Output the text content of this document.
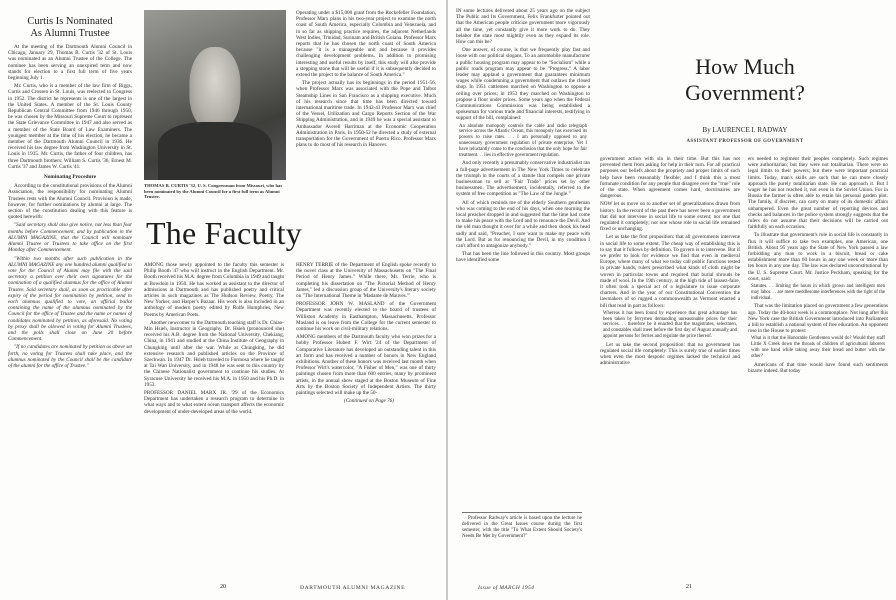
Curtis Is Nominated
As Alumni Trustee

At the meeting of the Dartmouth Alumni Council in Chicago, January 29, Thomas B. Curtis '32 of St. Louis was nominated as an Alumni Trustee of the College. The nominee has been serving an unexpired term and now stands for election to a first full term of five years beginning July 1.

Mr. Curtis, who is a member of the law firm of Biggs, Curtis and Crossen in St. Louis, was reelected to Congress in 1952. The district he represents is one of the largest in the United States. A member of the St. Louis County Republican Central Committee from 1946 through 1950, he was chosen by the Missouri Supreme Court to represent the State Grievance Committee in 1947 and also served as a member of the State Board of Law Examiners. The youngest member at the time of his election, he became a member of the Dartmouth Alumni Council in 1936. He received his law degree from Washington University in St. Louis in 1935. Mr. Curtis, the father of four children, has three Dartmouth brothers: William S. Curtis '36, Ernest M. Curtis '37 and James W. Curtis '41.

Nominating Procedure

According to the constitutional provisions of the Alumni Association, the responsibility for nominating Alumni Trustees rests with the Alumni Council. Provision is made, however, for further nominations by alumni at large. The section of the constitution dealing with this feature is quoted herewith:

"Said secretary shall also give notice, not less than four months before Commencement, and by publication in the ALUMNI MAGAZINE, that the Council will nominate Alumni Trustee or Trustees to take office on the first Monday after Commencement.

"Within two months after such publication in the ALUMNI MAGAZINE any one hundred alumni qualified to vote for the Council of Alumni may file with the said secretary a petition over their own signatures for the nomination of a qualified alumnus for the office of Alumni Trustee. Said secretary shall, as soon as practicable after expiry of the period for nomination by petition, send to each alumnus qualified to vote, an official ballot containing the name of the alumnus nominated by the Council for the office of Trustee and the name or names of candidates nominated by petition, as aforesaid. No voting by proxy shall be allowed in voting for Alumni Trustees, and the polls shall close on June 20 before Commencement.

"If no candidates are nominated by petition as above set forth, no voting for Trustees shall take place, and the alumnus nominated by the Council shall be the candidate of the alumni for the office of Trustee."

THOMAS B. CURTIS '32, U. S. Congressman from Missouri, who has been nominated by the Alumni Council for a first full term as Alumni Trustee.

Operating under a $15,000 grant from the Rockefeller Foundation, Professor Marx plans in his two-year project to examine the north coast of South America, especially Colombia and Venezuela, and in so far as shipping practice requires, the adjacent Netherlands West Indies, Trinidad, Surinam and British Guiana. Professor Marx reports that he has chosen the north coast of South America because "it is a manageable unit and because it provides challenging development problems. In addition to promising interesting and useful results by itself, this study will also provide a stepping stone that will be useful if it is subsequently decided to extend the project to the balance of South America."

The project actually has its beginnings in the period 1951-56, when Professor Marx was associated with the Pope and Talbot Steamship Lines in San Francisco as a shipping executive. Much of his research since that time has been directed toward international maritime trade. In 1942-43 Professor Marx was chief of the Vessel, Utilization and Cargo Reports Section of the War Shipping Administration, and in 1949 he was a special assistant to Ambassador Averell Harriman at the Economic Cooperation Administration in Paris. In 1950-52 he directed a study of external transportation for the Government of Puerto Rico. Professor Marx plans to do most of his research in Hanover.

The Faculty

AMONG those newly appointed to the faculty this semester is Philip Booth '47 who will instruct in the English Department. Mr. Booth received his M.A. degree from Columbia in 1949 and taught at Bowdoin in 1950. He has worked as assistant to the director of admissions at Dartmouth and has published poetry and critical articles in such magazines as The Hudson Review, Poetry, The New Yorker, and Harper's Bazaar. His work is also included in an anthology of modern poetry edited by Rolfe Humphries, New Poems by American Poets.

Another newcomer to the Dartmouth teaching staff is Dr. Chiao-Min Hsieh, Instructor in Geography. Dr. Hsieh (pronounced she) received his A.B. degree from the National University, Chekiang, China, in 1941 and studied at the China Institute of Geography in Chungking until after the war. While at Chungking, he did extensive research and published articles on the Province of Szechwan. In 1947 Dr. Hsieh traveled to Formosa where he taught at Tai Wan University, and in 1948 he was sent to this country by the Chinese Nationalist government to continue his studies. At Syracuse University he received his M.A. in 1950 and his Ph.D. in 1953.

PROFESSOR DANIEL MARX JR. '29 of the Economics Department has undertaken a research program to determine in what ways and to what extent ocean transport affects the economic development of under-developed areas of the world.

HENRY TERRIE of the Department of English spoke recently to the novel class at the University of Massachusetts on "The Final Period of Henry James." While there, Mr. Terrie, who is completing his dissertation on "The Pictorial Method of Henry James," led a discussion group of the University's literary society on "The International Theme in 'Madame de Mauves.'"

PROFESSOR JOHN W. MASLAND of the Government Department was recently elected to the board of trustees of Williston Academy in Easthampton, Massachusetts. Professor Masland is on leave from the College for the current semester to continue his work on civil-military relations.

AMONG members of the Dartmouth faculty who won prizes for a hobby Professor Hubert F. Wirt '24 of the Department of Comparative Literature has developed an outstanding talent in this art form and has received a number of honors in New England exhibitions. Another of these honors was received last month when Professor Wirt's watercolor, "A Fisher of Men," was one of thirty paintings chosen from more than 600 entries, many by prominent artists, in the annual show staged at the Boston Museum of Fine Arts by the Boston Society of Independent Artists. The thirty paintings selected will make up the 50-

(Continued on Page 76)

20	DARTMOUTH ALUMNI MAGAZINE

IN some lectures delivered about 25 years ago on the subject The Public and Its Government, Felix Frankfurter pointed out that the American people criticize government more vigorously all the time, yet constantly give it more work to do. They belabor the state most mightily even as they expand its role. How can this be?

One answer, of course, is that we frequently play fast and loose with our political slogans. To an automobile manufacturer a public housing program may appear to be "Socialism" while a public roads program may appear to be "Progress." A labor leader may applaud a government that guarantees minimum wages while condemning a government that outlaws the closed shop. In 1951 cattlemen marched on Washington to oppose a ceiling over prices; in 1953 they marched on Washington to propose a floor under prices. Some years ago when the Federal Communications Commission was being established a spokesman for various trade and financial interests, testifying in support of the bill, complained:

An absolute monopoly controls the cable and radio telegraph service across the Atlantic Ocean; this monopoly has exercised its powers to raise rates. . . I am personally opposed to any unnecessary government regulation of private enterprise. Yet I have reluctantly come to the conclusion that the only hope for fair treatment. . . lies in effective government regulation.

And only recently a presumably conservative industrialist ran a full-page advertisement in The New York Times to celebrate the triumph in the courts of a statute that compels one private businessman to sell at "Fair Trade" prices set by other businessmen. The advertisement, incidentally, referred to the system of free competition as "The Law of the Jungle."

All of which reminds me of the elderly Southern gentleman who was coming to the end of his days, when one morning the local preacher dropped in and suggested that the time had come to make his peace with the Lord and to renounce the Devil. And the old man thought it over for a while and then shook his head sadly and said, "Preacher, I sure want to make my peace with the Lord. But as for renouncing the Devil, in my condition I can't afford to antagonize anybody."

That has been the line followed in this country. Most groups have identified some

Professor Radway's article is based upon the lecture he delivered in the Great Issues course during the first semester, with the title "To What Extent Should Society's Needs Be Met by Government?"

How Much
Government?
By LAURENCE I. RADWAY
ASSISTANT PROFESSOR OF GOVERNMENT

government action with sin in their time. But this has not prevented them from asking for help in their turn. For all practical purposes our beliefs about the propriety and proper limits of such help have been reasonably flexible; and I think this a most fortunate condition for any people that disagree over the "true" role of the state. When agreement comes hard, doctrinaires are dangerous.

NOW let us move on to another set of generalizations drawn from history. In the record of the past there has never been a government that did not intervene in social life to some extent; nor one that regulated it completely; nor one whose role in social life remained fixed or unchanging.

Let us take the first proposition: that all governments intervene in social life to some extent. The cheap way of establishing this is to say that it follows by definition. To govern is to intervene. But if we prefer to look for evidence we find that even in medieval Europe, where many of what we today call public functions rested in private hands, rulers prescribed what kinds of cloth might be woven in particular towns and required that burial shrouds be made of wool. In the 19th century, at the high tide of laissez-faire, it often took a special act of a legislature to issue corporate charters. And in the year of our Constitutional Convention the lawmakers of so rugged a commonwealth as Vermont enacted a bill that read in part as follows:

Whereas it has been found by experience that great advantage has been taken by ferrymen demanding unreasonable prices for their services. . . therefore be it enacted that the magistrates, selectmen, and constables shall meet before the first day of August annually and appoint persons for ferries and regulate the price thereof.

Let us take the second proposition: that no government has regulated social life completely. This is surely true of earlier times when even the most despotic regimes lacked the technical and administrative

ers needed to regiment their peoples completely. Such regimes were authoritarian; but they were not totalitarian. There were no legal limits to their powers; but there were important practical limits. Today, man's skills are such that he can more closely approach the purely totalitarian state. He can approach it. But I wager he has not reached it, not even in the Soviet Union. For in Russia the farmer is often able to retain his personal garden plot. The family, if discreet, can carry on many of its domestic affairs unhampered. Even the great number of reporting devices and checks and balances in the police system strongly suggests that the rulers do not assume that their decisions will be carried out faithfully on each occasion.

To illustrate that government's role in social life is constantly in flux it will suffice to take two examples, one American, one British. About 95 years ago the State of New York passed a law forbidding any man to work in a biscuit, bread or cake establishment more than 60 hours in any one week or more than ten hours in any one day. The law was declared unconstitutional by the U. S. Supreme Court. Mr. Justice Peckham, speaking for the court, said:

Statutes. . . limiting the hours in which grown and intelligent men may labor. . . are mere meddlesome interferences with the right of the individual.

That was the limitation placed on government a few generations ago. Today the 40-hour week is a commonplace. Not long after this New York case the British Government introduced into Parliament a bill to establish a national system of free education. An opponent rose in the House to protest:

What is it that the Honorable Gentlemen would do? Would they staff Little X Creek down the throats of children of agricultural laborers with one hand while taking away their bread and butter with the other?

Americans of that time would have found such sentiments bizarre indeed. But today

Issue of MARCH 1954	21
